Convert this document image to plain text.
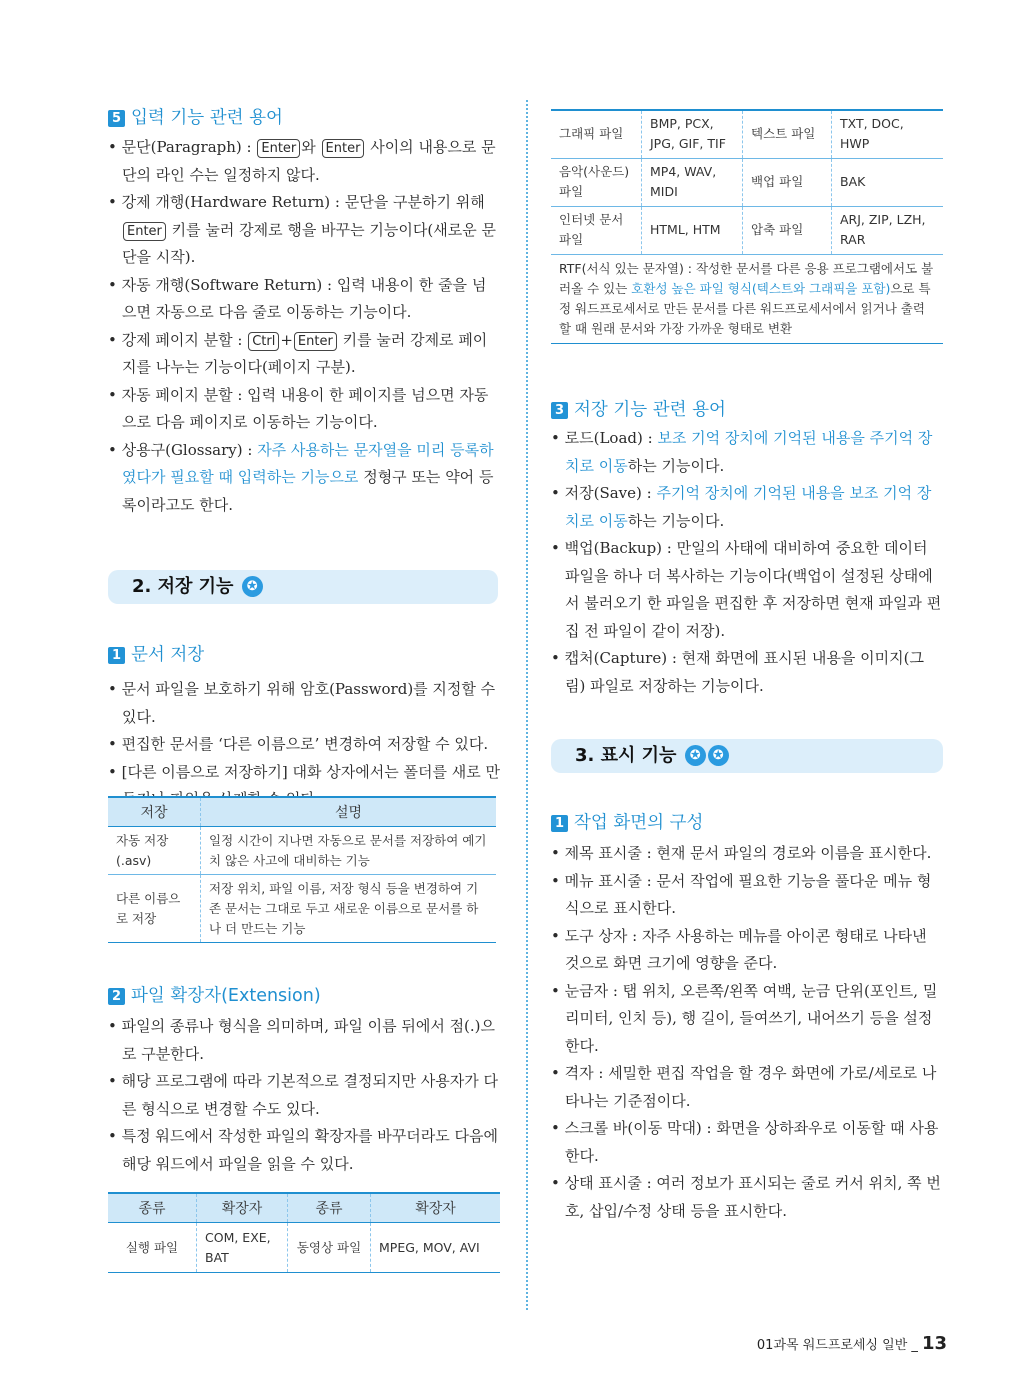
5 입력 기능 관련 용어

• 문단(Paragraph) : Enter 와 Enter 사이의 내용으로 문단의 라인 수는 일정하지 않다.

• 강제 개행(Hardware Return) : 문단을 구분하기 위해 Enter 키를 눌러 강제로 행을 바꾸는 기능이다(새로운 문단을 시작).

• 자동 개행(Software Return) : 입력 내용이 한 줄을 넘으면 자동으로 다음 줄로 이동하는 기능이다.

• 강제 페이지 분할 : Ctrl + Enter 키를 눌러 강제로 페이지를 나누는 기능이다(페이지 구분).

• 자동 페이지 분할 : 입력 내용이 한 페이지를 넘으면 자동으로 다음 페이지로 이동하는 기능이다.

• 상용구(Glossary) : 자주 사용하는 문자열을 미리 등록하였다가 필요할 때 입력하는 기능으로 정형구 또는 약어 등록이라고도 한다.

2. 저장 기능 ✪
1 문서 저장

• 문서 파일을 보호하기 위해 암호(Password)를 지정할 수 있다.

• 편집한 문서를 ‘다른 이름으로’ 변경하여 저장할 수 있다.

• [다른 이름으로 저장하기] 대화 상자에서는 폴더를 새로 만

저장	설명
자동 저장(.asv)	일정 시간이 지나면 자동으로 문서를 저장하여 예기치 않은 사고에 대비하는 기능
다른 이름으로 저장	저장 위치, 파일 이름, 저장 형식 등을 변경하여 기존 문서는 그대로 두고 새로운 이름으로 문서를 하나 더 만드는 기능
2 파일 확장자(Extension)

• 파일의 종류나 형식을 의미하며, 파일 이름 뒤에서 점(.)으로 구분한다.

• 해당 프로그램에 따라 기본적으로 결정되지만 사용자가 다른 형식으로 변경할 수도 있다.

• 특정 워드에서 작성한 파일의 확장자를 바꾸더라도 다음에 해당 워드에서 파일을 읽을 수 있다.

종류	확장자	종류	확장자
실행 파일	COM, EXE, BAT	동영상 파일	MPEG, MOV, AVI
그래픽 파일	BMP, PCX, JPG, GIF, TIF	텍스트 파일	TXT, DOC, HWP
음악(사운드) 파일	MP4, WAV, MIDI	백업 파일	BAK
인터넷 문서 파일	HTML, HTM	압축 파일	ARJ, ZIP, LZH, RAR
RTF(서식 있는 문자열) : 작성한 문서를 다른 응용 프로그램에서도 불러올 수 있는 호환성 높은 파일 형식(텍스트와 그래픽을 포함)으로 특정 워드프로세서로 만든 문서를 다른 워드프로세서에서 읽거나 출력할 때 원래 문서와 가장 가까운 형태로 변환			
3 저장 기능 관련 용어

• 로드(Load) : 보조 기억 장치에 기억된 내용을 주기억 장치로 이동하는 기능이다.

• 저장(Save) : 주기억 장치에 기억된 내용을 보조 기억 장치로 이동하는 기능이다.

• 백업(Backup) : 만일의 사태에 대비하여 중요한 데이터 파일을 하나 더 복사하는 기능이다(백업이 설정된 상태에서 불러오기 한 파일을 편집한 후 저장하면 현재 파일과 편집 전 파일이 같이 저장).

• 캡처(Capture) : 현재 화면에 표시된 내용을 이미지(그림) 파일로 저장하는 기능이다.

3. 표시 기능 ✪ ✪
1 작업 화면의 구성

• 제목 표시줄 : 현재 문서 파일의 경로와 이름을 표시한다.

• 메뉴 표시줄 : 문서 작업에 필요한 기능을 풀다운 메뉴 형식으로 표시한다.

• 도구 상자 : 자주 사용하는 메뉴를 아이콘 형태로 나타낸 것으로 화면 크기에 영향을 준다.

• 눈금자 : 탭 위치, 오른쪽/왼쪽 여백, 눈금 단위(포인트, 밀리미터, 인치 등), 행 길이, 들여쓰기, 내어쓰기 등을 설정한다.

• 격자 : 세밀한 편집 작업을 할 경우 화면에 가로/세로로 나타나는 기준점이다.

• 스크롤 바(이동 막대) : 화면을 상하좌우로 이동할 때 사용한다.

• 상태 표시줄 : 여러 정보가 표시되는 줄로 커서 위치, 쪽 번호, 삽입/수정 상태 등을 표시한다.

01과목 워드프로세싱 일반 _ 13
